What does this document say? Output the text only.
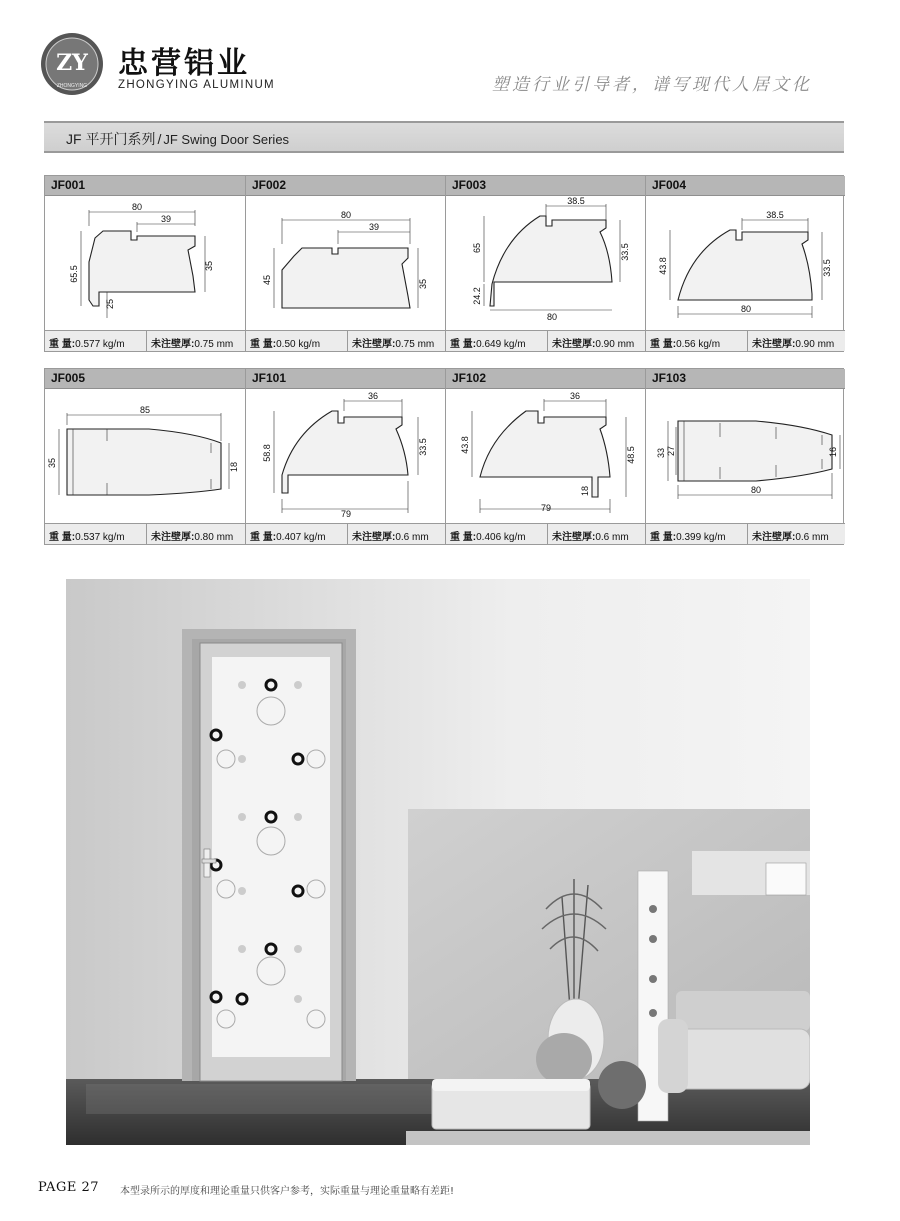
ZY
ZHONGYING
忠营铝业
ZHONGYING ALUMINUM	塑造行业引导者，谱写现代人居文化
JF 平开门系列 / JF Swing Door Series
JF001
80
39
65.5	35
25
重 量:0.577 kg/m	未注壁厚:0.75 mm
JF002
80
39
45	35
重 量:0.50 kg/m	未注壁厚:0.75 mm
JF003
38.5
65	33.5
24.2
80
重 量:0.649 kg/m	未注壁厚:0.90 mm
JF004
38.5
43.8	33.5
80
重 量:0.56 kg/m	未注壁厚:0.90 mm
JF005
85
35	18
重 量:0.537 kg/m	未注壁厚:0.80 mm
JF101
36
58.8	33.5
79
重 量:0.407 kg/m	未注壁厚:0.6 mm
JF102
36
43.8
48.5
18
79
重 量:0.406 kg/m	未注壁厚:0.6 mm
JF103
33 27	16
80
重 量:0.399 kg/m	未注壁厚:0.6 mm
PAGE 27 本型录所示的厚度和理论重量只供客户参考，实际重量与理论重量略有差距!
